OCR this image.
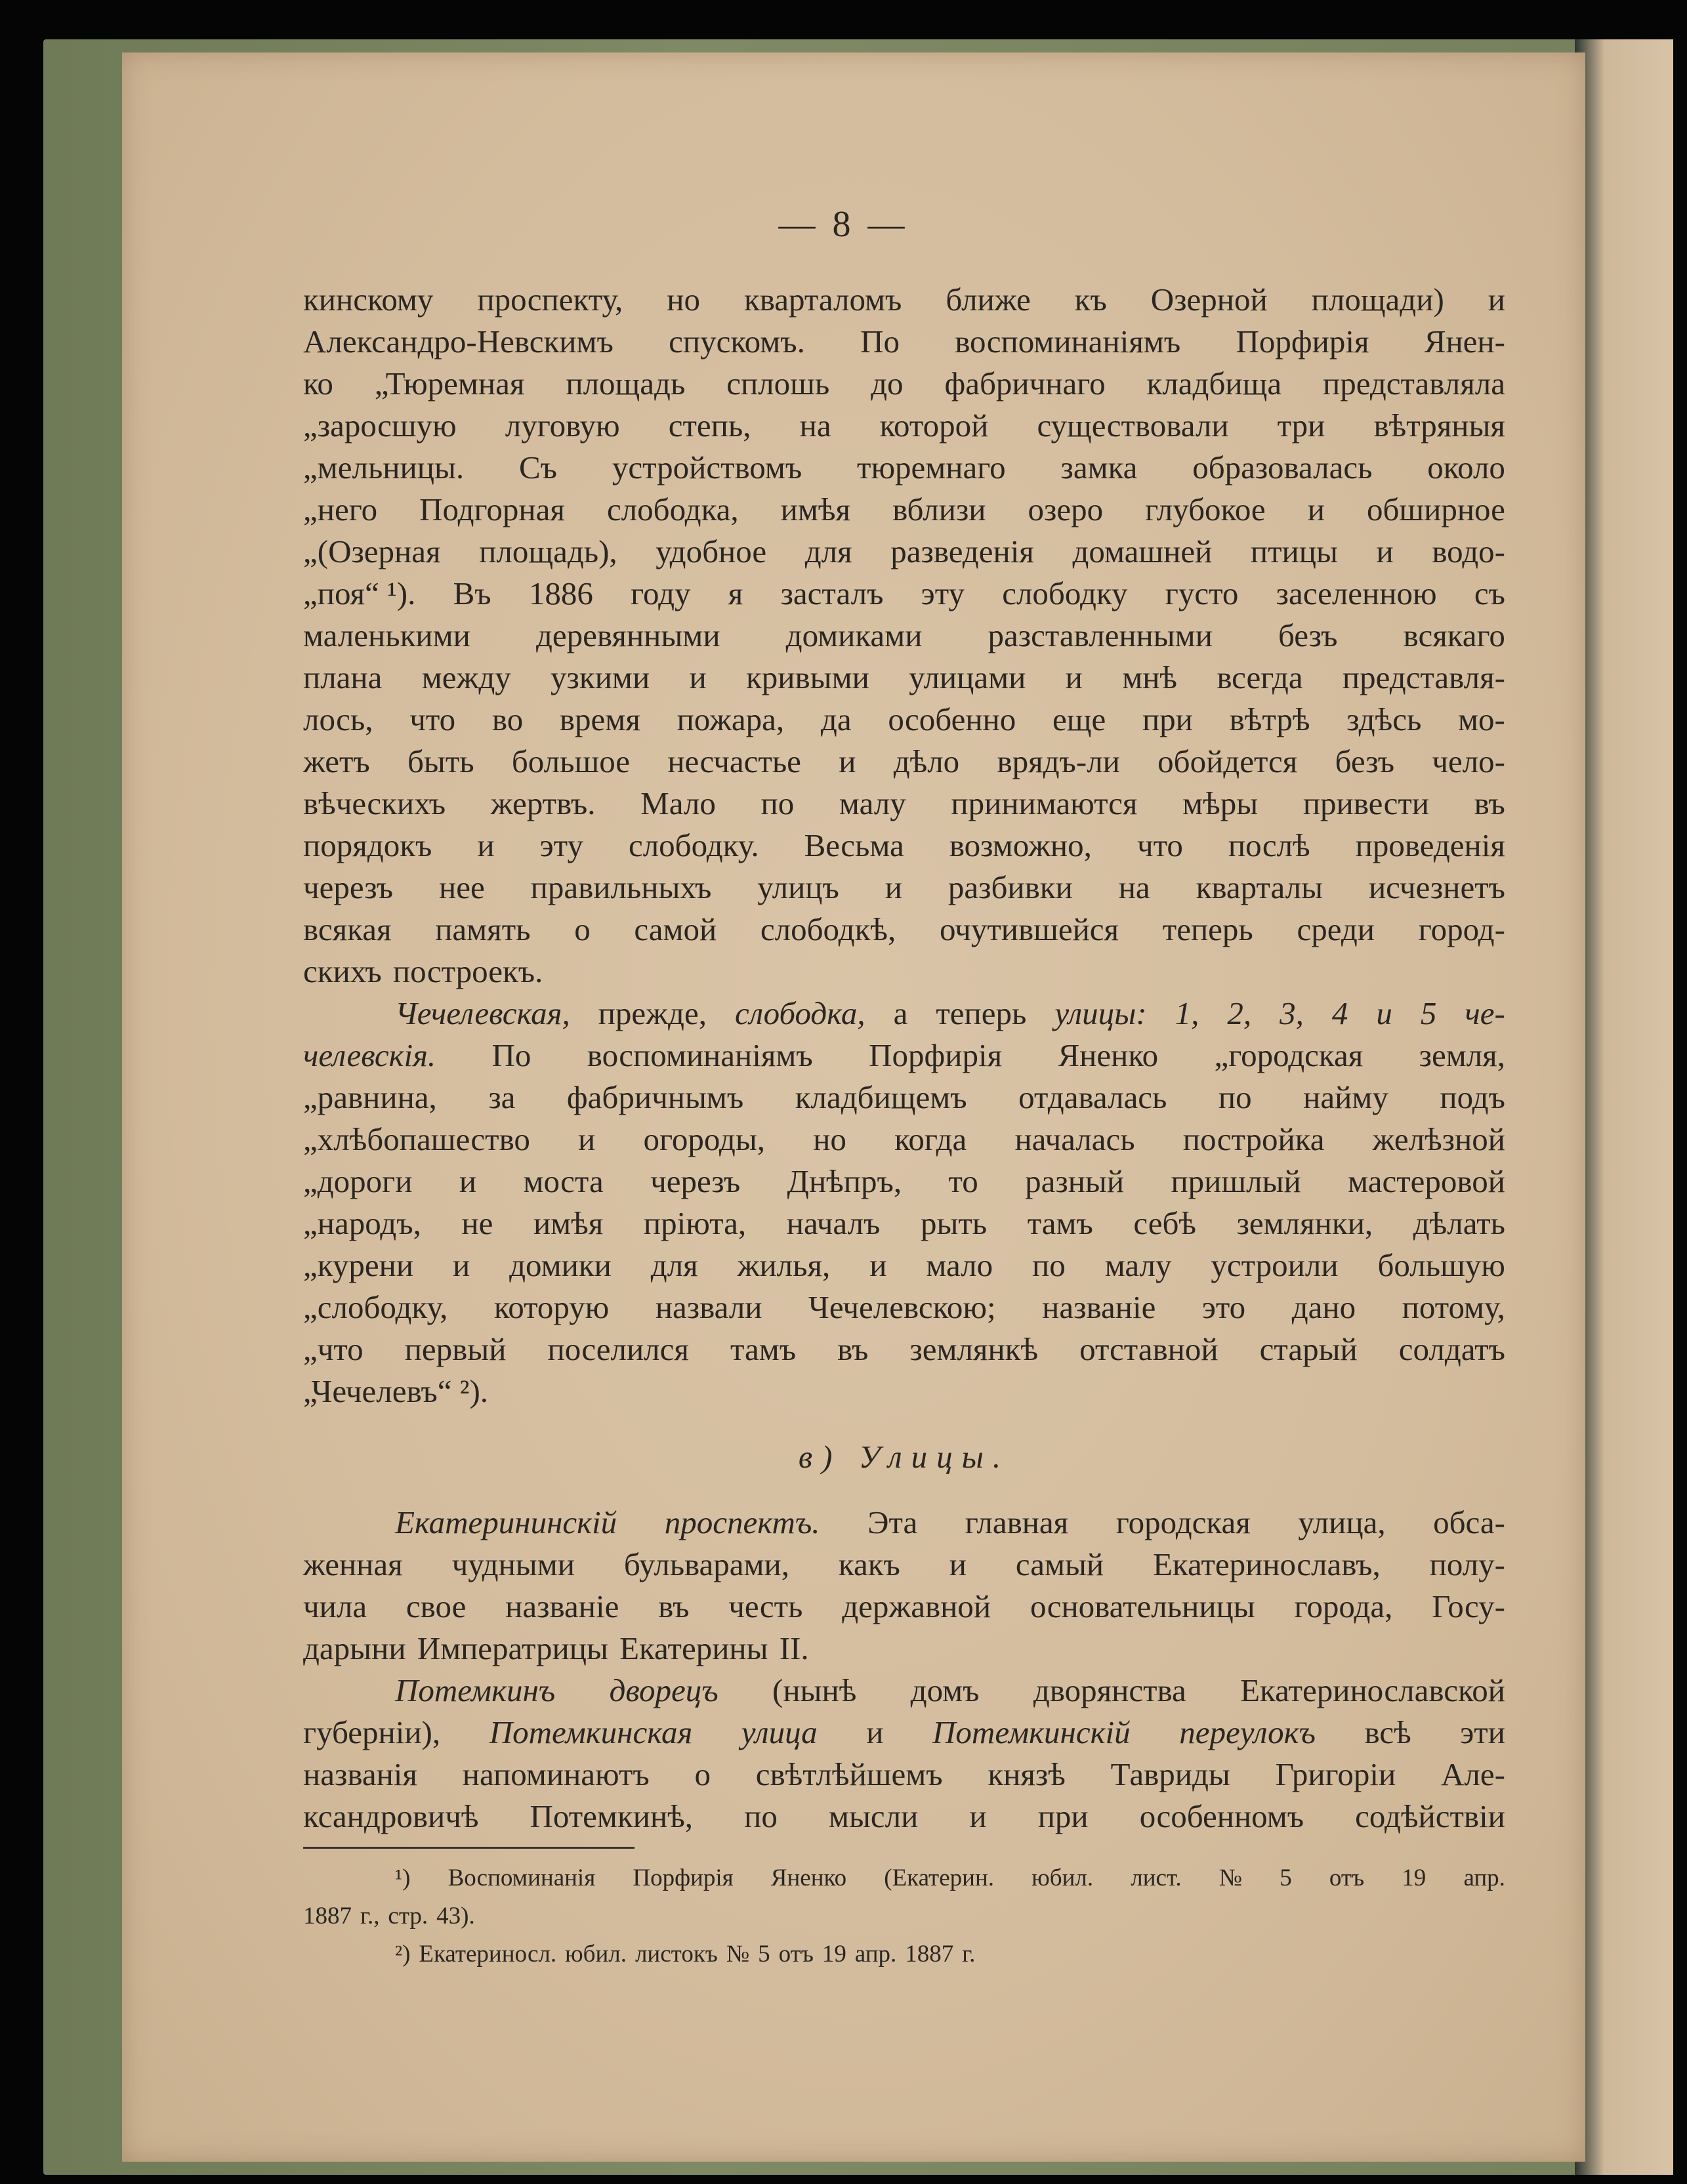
— 8 —
кинскому проспекту, но кварталомъ ближе къ Озерной площади) и
Александро-Невскимъ спускомъ. По воспоминаніямъ Порфирія Янен-
ко „Тюремная площадь сплошь до фабричнаго кладбища представляла
„заросшую луговую степь, на которой существовали три вѣтряныя
„мельницы. Съ устройствомъ тюремнаго замка образовалась около
„него Подгорная слободка, имѣя вблизи озеро глубокое и обширное
„(Озерная площадь), удобное для разведенія домашней птицы и водо-
„поя“ ¹). Въ 1886 году я засталъ эту слободку густо заселенною съ
маленькими деревянными домиками разставленными безъ всякаго
плана между узкими и кривыми улицами и мнѣ всегда представля-
лось, что во время пожара, да особенно еще при вѣтрѣ здѣсь мо-
жетъ быть большое несчастье и дѣло врядъ-ли обойдется безъ чело-
вѣческихъ жертвъ. Мало по малу принимаются мѣры привести въ
порядокъ и эту слободку. Весьма возможно, что послѣ проведенія
черезъ нее правильныхъ улицъ и разбивки на кварталы исчезнетъ
всякая память о самой слободкѣ, очутившейся теперь среди город-
скихъ построекъ.
Чечелевская, прежде, слободка, а теперь улицы: 1, 2, 3, 4 и 5 че-
челевскія. По воспоминаніямъ Порфирія Яненко „городская земля,
„равнина, за фабричнымъ кладбищемъ отдавалась по найму подъ
„хлѣбопашество и огороды, но когда началась постройка желѣзной
„дороги и моста черезъ Днѣпръ, то разный пришлый мастеровой
„народъ, не имѣя пріюта, началъ рыть тамъ себѣ землянки, дѣлать
„курени и домики для жилья, и мало по малу устроили большую
„слободку, которую назвали Чечелевскою; названіе это дано потому,
„что первый поселился тамъ въ землянкѣ отставной старый солдатъ
„Чечелевъ“ ²).
в) Улицы.
Екатерининскій проспектъ. Эта главная городская улица, обса-
женная чудными бульварами, какъ и самый Екатеринославъ, полу-
чила свое названіе въ честь державной основательницы города, Госу-
дарыни Императрицы Екатерины II.
Потемкинъ дворецъ (нынѣ домъ дворянства Екатеринославской
губерніи), Потемкинская улица и Потемкинскій переулокъ всѣ эти
названія напоминаютъ о свѣтлѣйшемъ князѣ Тавриды Григоріи Але-
ксандровичѣ Потемкинѣ, по мысли и при особенномъ содѣйствіи
¹) Воспоминанія Порфирія Яненко (Екатерин. юбил. лист. № 5 отъ 19 апр.
1887 г., стр. 43).
²) Екатериносл. юбил. листокъ № 5 отъ 19 апр. 1887 г.
